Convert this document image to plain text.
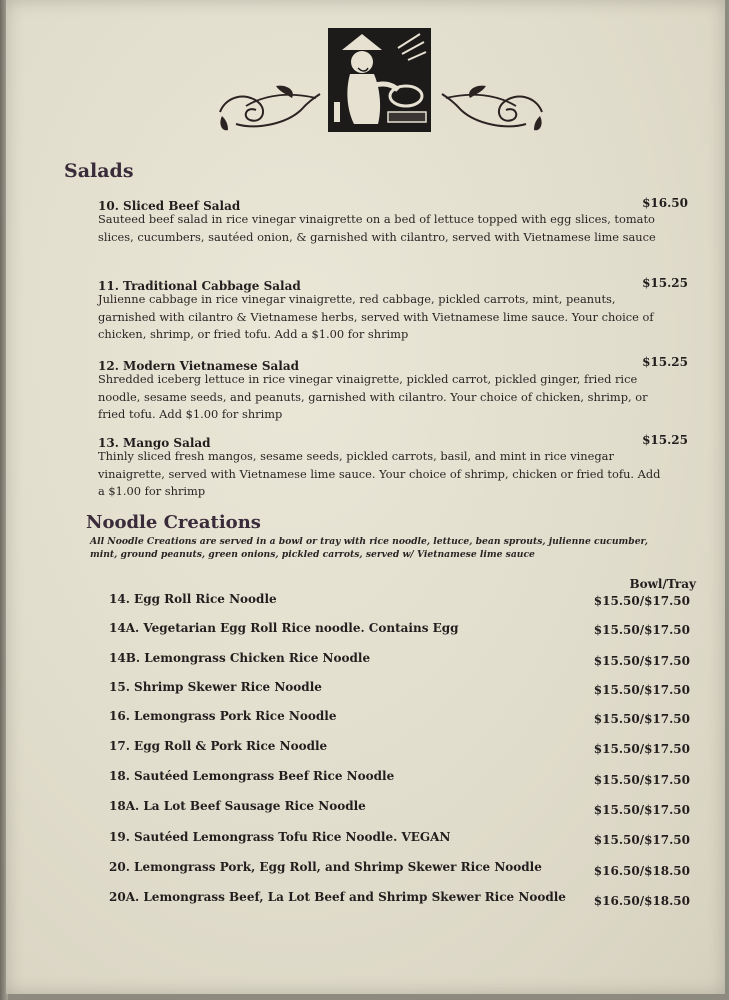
Salads
10. Sliced Beef Salad	$16.50
Sauteed beef salad in rice vinegar vinaigrette on a bed of lettuce topped with egg slices, tomato slices, cucumbers, sautéed onion, & garnished with cilantro, served with Vietnamese lime sauce
11. Traditional Cabbage Salad	$15.25
Julienne cabbage in rice vinegar vinaigrette, red cabbage, pickled carrots, mint, peanuts, garnished with cilantro & Vietnamese herbs, served with Vietnamese lime sauce. Your choice of chicken, shrimp, or fried tofu. Add a $1.00 for shrimp
12. Modern Vietnamese Salad	$15.25
Shredded iceberg lettuce in rice vinegar vinaigrette, pickled carrot, pickled ginger, fried rice noodle, sesame seeds, and peanuts, garnished with cilantro. Your choice of chicken, shrimp, or fried tofu. Add $1.00 for shrimp
13. Mango Salad	$15.25
Thinly sliced fresh mangos, sesame seeds, pickled carrots, basil, and mint in rice vinegar vinaigrette, served with Vietnamese lime sauce. Your choice of shrimp, chicken or fried tofu. Add a $1.00 for shrimp
Noodle Creations
All Noodle Creations are served in a bowl or tray with rice noodle, lettuce, bean sprouts, julienne cucumber, mint, ground peanuts, green onions, pickled carrots, served w/ Vietnamese lime sauce
Bowl/Tray
14. Egg Roll Rice Noodle	$15.50/$17.50
14A. Vegetarian Egg Roll Rice noodle. Contains Egg	$15.50/$17.50
14B. Lemongrass Chicken Rice Noodle	$15.50/$17.50
15. Shrimp Skewer Rice Noodle	$15.50/$17.50
16. Lemongrass Pork Rice Noodle	$15.50/$17.50
17. Egg Roll & Pork Rice Noodle	$15.50/$17.50
18. Sautéed Lemongrass Beef Rice Noodle	$15.50/$17.50
18A. La Lot Beef Sausage Rice Noodle	$15.50/$17.50
19. Sautéed Lemongrass Tofu Rice Noodle. VEGAN	$15.50/$17.50
20. Lemongrass Pork, Egg Roll, and Shrimp Skewer Rice Noodle	$16.50/$18.50
20A. Lemongrass Beef, La Lot Beef and Shrimp Skewer Rice Noodle	$16.50/$18.50
